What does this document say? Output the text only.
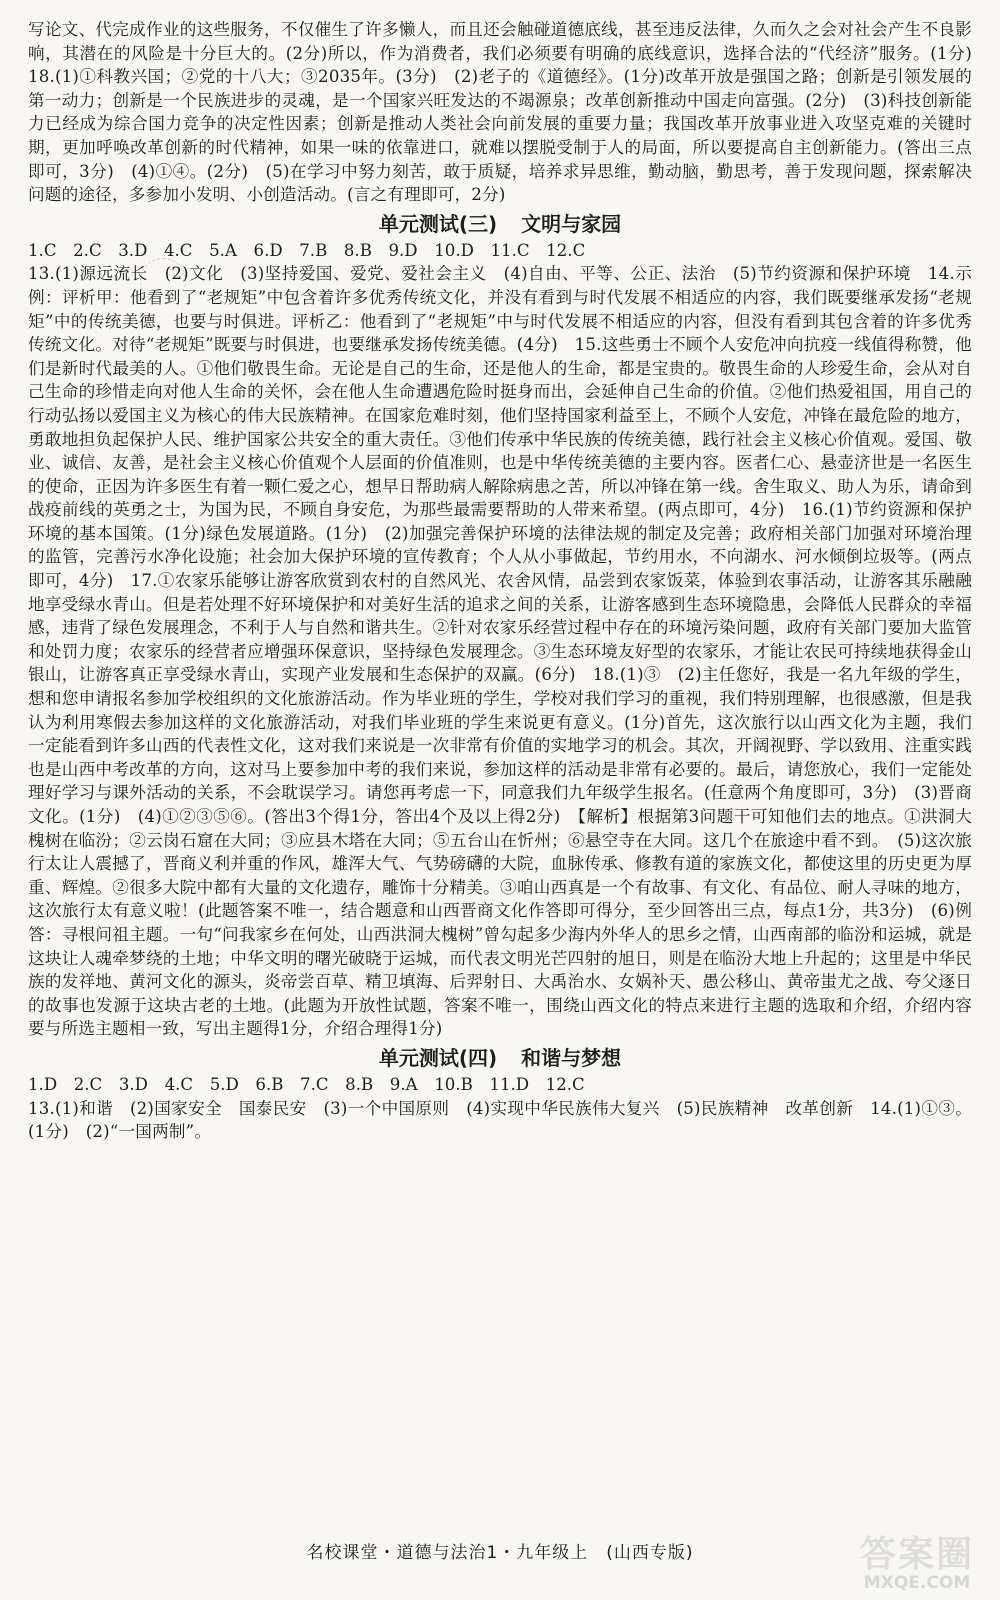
写论文、代完成作业的这些服务，不仅催生了许多懒人，而且还会触碰道德底线，甚至违反法律，久而久之会对社会产生不良影响，其潜在的风险是十分巨大的。(2分)所以，作为消费者，我们必须要有明确的底线意识，选择合法的“代经济”服务。(1分)　18.(1)①科教兴国；②党的十八大；③2035年。(3分)　(2)老子的《道德经》。(1分)改革开放是强国之路；创新是引领发展的第一动力；创新是一个民族进步的灵魂，是一个国家兴旺发达的不竭源泉；改革创新推动中国走向富强。(2分)　(3)科技创新能力已经成为综合国力竞争的决定性因素；创新是推动人类社会向前发展的重要力量；我国改革开放事业进入攻坚克难的关键时期，更加呼唤改革创新的时代精神，如果一味的依靠进口，就难以摆脱受制于人的局面，所以要提高自主创新能力。(答出三点即可，3分)　(4)①④。(2分)　(5)在学习中努力刻苦，敢于质疑，培养求异思维，勤动脑，勤思考，善于发现问题，探索解决问题的途径，多参加小发明、小创造活动。(言之有理即可，2分)

单元测试(三) 文明与家园

1.C　2.C　3.D　4.C　5.A　6.D　7.B　8.B　9.D　10.D　11.C　12.C

13.(1)源远流长　(2)文化　(3)坚持爱国、爱党、爱社会主义　(4)自由、平等、公正、法治　(5)节约资源和保护环境　14.示例：评析甲：他看到了“老规矩”中包含着许多优秀传统文化，并没有看到与时代发展不相适应的内容，我们既要继承发扬“老规矩”中的传统美德，也要与时俱进。评析乙：他看到了“老规矩”中与时代发展不相适应的内容，但没有看到其包含着的许多优秀传统文化。对待“老规矩”既要与时俱进，也要继承发扬传统美德。(4分)　15.这些勇士不顾个人安危冲向抗疫一线值得称赞，他们是新时代最美的人。①他们敬畏生命。无论是自己的生命，还是他人的生命，都是宝贵的。敬畏生命的人珍爱生命，会从对自己生命的珍惜走向对他人生命的关怀，会在他人生命遭遇危险时挺身而出，会延伸自己生命的价值。②他们热爱祖国，用自己的行动弘扬以爱国主义为核心的伟大民族精神。在国家危难时刻，他们坚持国家利益至上，不顾个人安危，冲锋在最危险的地方，勇敢地担负起保护人民、维护国家公共安全的重大责任。③他们传承中华民族的传统美德，践行社会主义核心价值观。爱国、敬业、诚信、友善，是社会主义核心价值观个人层面的价值准则，也是中华传统美德的主要内容。医者仁心、悬壶济世是一名医生的使命，正因为许多医生有着一颗仁爱之心，想早日帮助病人解除病患之苦，所以冲锋在第一线。舍生取义、助人为乐，请命到战疫前线的英勇之士，为国为民，不顾自身安危，为那些最需要帮助的人带来希望。(两点即可，4分)　16.(1)节约资源和保护环境的基本国策。(1分)绿色发展道路。(1分)　(2)加强完善保护环境的法律法规的制定及完善；政府相关部门加强对环境治理的监管，完善污水净化设施；社会加大保护环境的宣传教育；个人从小事做起，节约用水，不向湖水、河水倾倒垃圾等。(两点即可，4分)　17.①农家乐能够让游客欣赏到农村的自然风光、农舍风情，品尝到农家饭菜，体验到农事活动，让游客其乐融融地享受绿水青山。但是若处理不好环境保护和对美好生活的追求之间的关系，让游客感到生态环境隐患，会降低人民群众的幸福感，违背了绿色发展理念，不利于人与自然和谐共生。②针对农家乐经营过程中存在的环境污染问题，政府有关部门要加大监管和处罚力度；农家乐的经营者应增强环保意识，坚持绿色发展理念。③生态环境友好型的农家乐，才能让农民可持续地获得金山银山，让游客真正享受绿水青山，实现产业发展和生态保护的双赢。(6分)　18.(1)③　(2)主任您好，我是一名九年级的学生，想和您申请报名参加学校组织的文化旅游活动。作为毕业班的学生，学校对我们学习的重视，我们特别理解，也很感激，但是我认为利用寒假去参加这样的文化旅游活动，对我们毕业班的学生来说更有意义。(1分)首先，这次旅行以山西文化为主题，我们一定能看到许多山西的代表性文化，这对我们来说是一次非常有价值的实地学习的机会。其次，开阔视野、学以致用、注重实践也是山西中考改革的方向，这对马上要参加中考的我们来说，参加这样的活动是非常有必要的。最后，请您放心，我们一定能处理好学习与课外活动的关系，不会耽误学习。请您再考虑一下，同意我们九年级学生报名。(任意两个角度即可，3分)　(3)晋商文化。(1分)　(4)①②③⑤⑥。(答出3个得1分，答出4个及以上得2分)　【解析】根据第3问题干可知他们去的地点。①洪洞大槐树在临汾；②云岗石窟在大同；③应县木塔在大同；⑤五台山在忻州；⑥悬空寺在大同。这几个在旅途中看不到。　(5)这次旅行太让人震撼了，晋商义利并重的作风，雄浑大气、气势磅礴的大院，血脉传承、修教有道的家族文化，都使这里的历史更为厚重、辉煌。②很多大院中都有大量的文化遗存，雕饰十分精美。③咱山西真是一个有故事、有文化、有品位、耐人寻味的地方，这次旅行太有意义啦！(此题答案不唯一，结合题意和山西晋商文化作答即可得分，至少回答出三点，每点1分，共3分)　(6)例答：寻根问祖主题。一句“问我家乡在何处，山西洪洞大槐树”曾勾起多少海内外华人的思乡之情，山西南部的临汾和运城，就是这块让人魂牵梦绕的土地；中华文明的曙光破晓于运城，而代表文明光芒四射的旭日，则是在临汾大地上升起的；这里是中华民族的发祥地、黄河文化的源头，炎帝尝百草、精卫填海、后羿射日、大禹治水、女娲补天、愚公移山、黄帝蚩尤之战、夸父逐日的故事也发源于这块古老的土地。(此题为开放性试题，答案不唯一，围绕山西文化的特点来进行主题的选取和介绍，介绍内容要与所选主题相一致，写出主题得1分，介绍合理得1分)

单元测试(四) 和谐与梦想

1.D　2.C　3.D　4.C　5.D　6.B　7.C　8.B　9.A　10.B　11.D　12.C

13.(1)和谐　(2)国家安全　国泰民安　(3)一个中国原则　(4)实现中华民族伟大复兴　(5)民族精神　改革创新　14.(1)①③。(1分)　(2)“一国两制”。

名校课堂・道德与法治1・九年级上　(山西专版)	答案圈
MXQE.COM
